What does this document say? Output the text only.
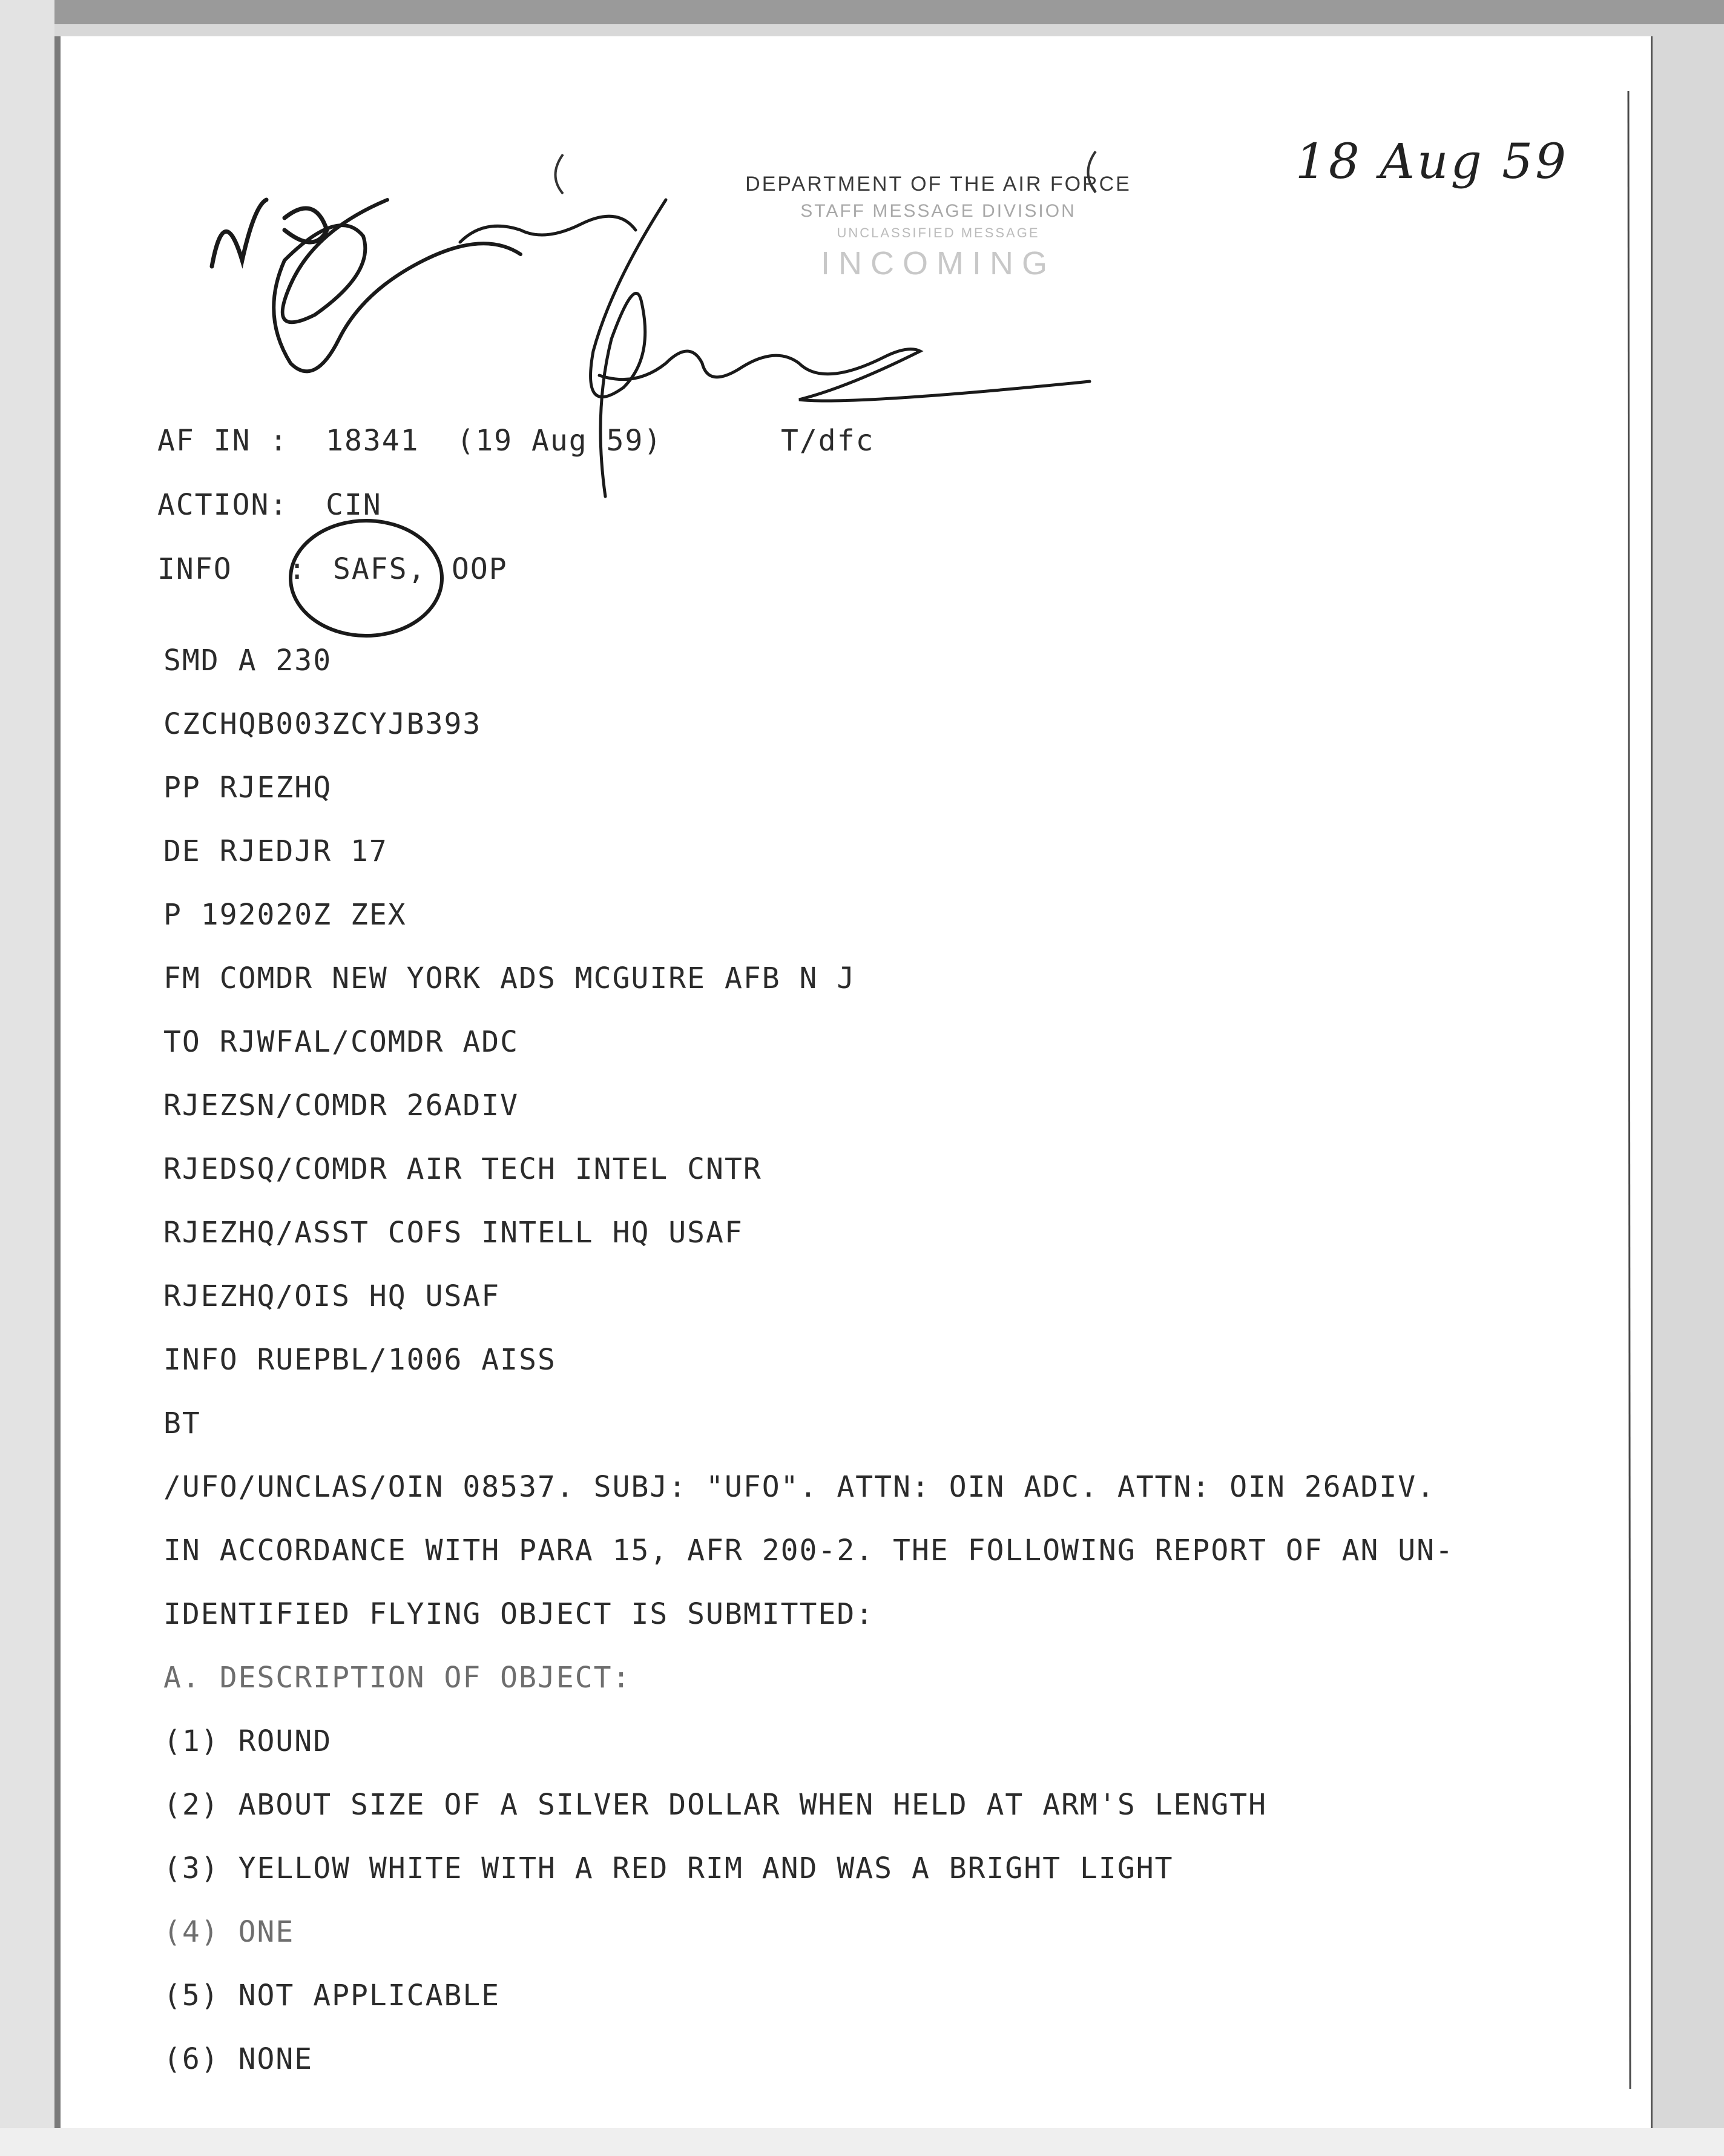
DEPARTMENT OF THE AIR FORCE
STAFF MESSAGE DIVISION
UNCLASSIFIED MESSAGE
INCOMING
18 Aug 59
AF IN :  18341  (19 Aug 59)	T/dfc
ACTION:  CIN
INFO   : SAFS, OOP
SMD A 230
CZCHQB003ZCYJB393
PP RJEZHQ
DE RJEDJR 17
P 192020Z ZEX
FM COMDR NEW YORK ADS MCGUIRE AFB N J
TO RJWFAL/COMDR ADC
RJEZSN/COMDR 26ADIV
RJEDSQ/COMDR AIR TECH INTEL CNTR
RJEZHQ/ASST COFS INTELL HQ USAF
RJEZHQ/OIS HQ USAF
INFO RUEPBL/1006 AISS
BT
/UFO/UNCLAS/OIN 08537. SUBJ: "UFO". ATTN: OIN ADC. ATTN: OIN 26ADIV.
IN ACCORDANCE WITH PARA 15, AFR 200-2. THE FOLLOWING REPORT OF AN UN-
IDENTIFIED FLYING OBJECT IS SUBMITTED:
A. DESCRIPTION OF OBJECT:
(1) ROUND
(2) ABOUT SIZE OF A SILVER DOLLAR WHEN HELD AT ARM'S LENGTH
(3) YELLOW WHITE WITH A RED RIM AND WAS A BRIGHT LIGHT
(4) ONE
(5) NOT APPLICABLE
(6) NONE
